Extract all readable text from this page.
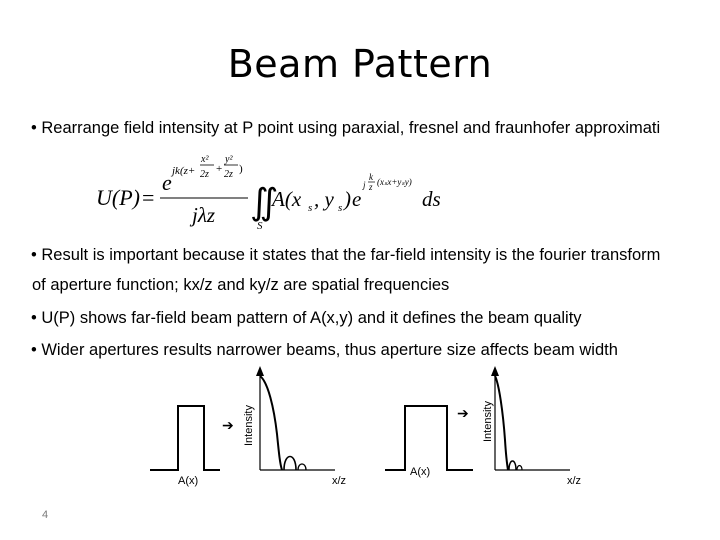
Beam Pattern
• Rearrange field intensity at P point using paraxial, fresnel and fraunhofer approximati
U(P) =
e jk(z+
x²
2z +
y²
2z )
jλz ∬
S
A(x s , y s ) e
j
k
z (xₛx+yₛy)
ds
• Result is important because it states that the far-field intensity is the fourier transform
of aperture function; kx/z and ky/z are spatial frequencies
• U(P) shows far-field beam pattern of A(x,y) and it defines the beam quality
• Wider apertures results narrower beams, thus aperture size affects beam width
A(x)
➔ Intensity
x/z
A(x)
➔ Intensity
x/z
4
